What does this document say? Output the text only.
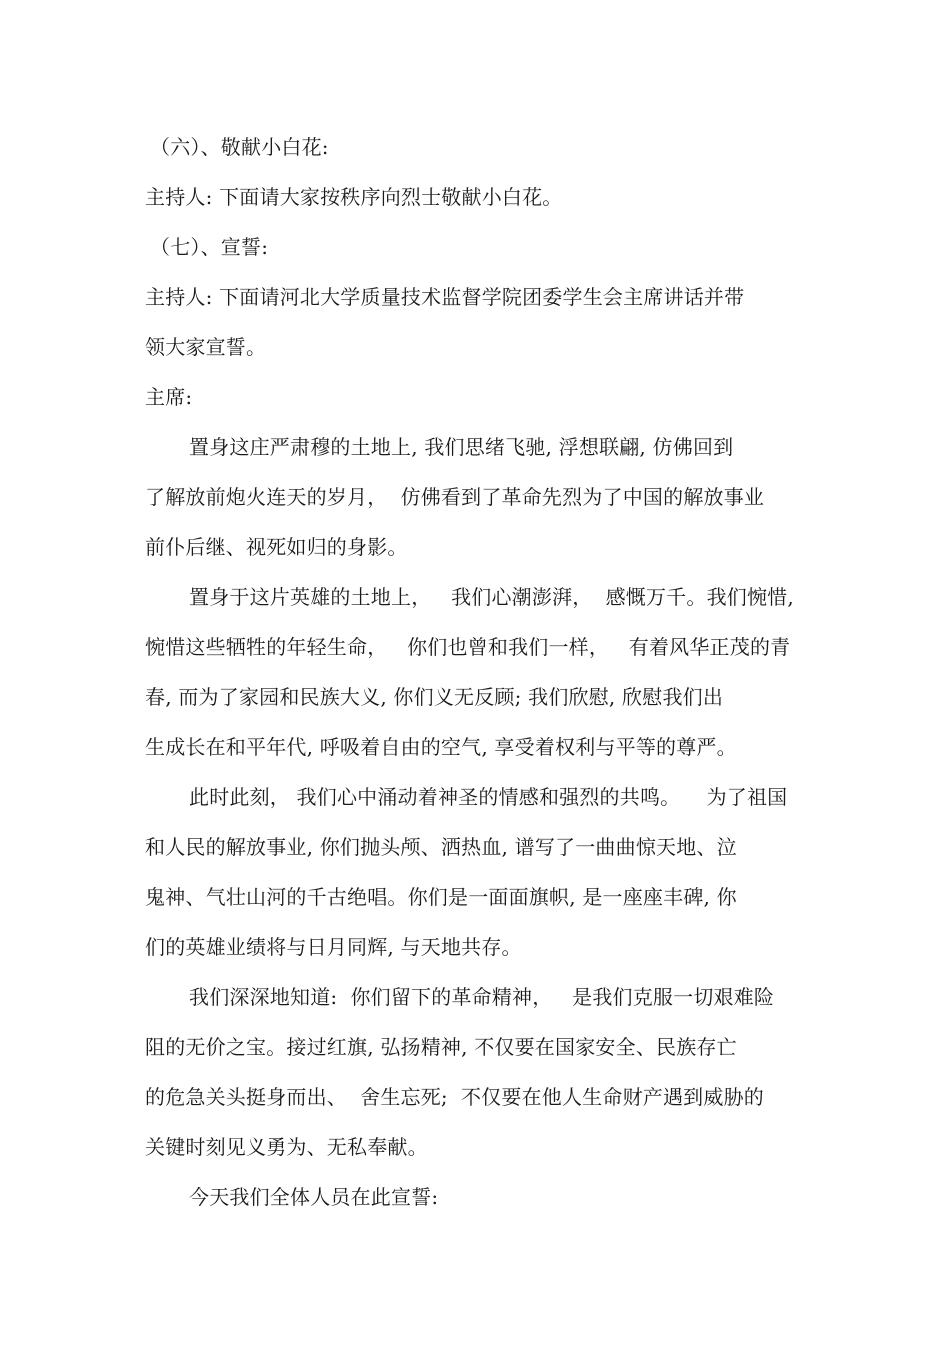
（六）、敬献小白花:
主持人: 下面请大家按秩序向烈士敬献小白花。
（七）、宣誓:
主持人: 下面请河北大学质量技术监督学院团委学生会主席讲话并带
领大家宣誓。
主席:
置身这庄严肃穆的土地上, 我们思绪飞驰, 浮想联翩, 仿佛回到
了解放前炮火连天的岁月，  仿佛看到了革命先烈为了中国的解放事业
前仆后继、视死如归的身影。
置身于这片英雄的土地上，   我们心潮澎湃，  感慨万千。我们惋惜,
惋惜这些牺牲的年轻生命，   你们也曾和我们一样，   有着风华正茂的青
春, 而为了家园和民族大义, 你们义无反顾; 我们欣慰, 欣慰我们出
生成长在和平年代, 呼吸着自由的空气, 享受着权利与平等的尊严。
此时此刻， 我们心中涌动着神圣的情感和强烈的共鸣。    为了祖国
和人民的解放事业, 你们抛头颅、洒热血, 谱写了一曲曲惊天地、泣
鬼神、气壮山河的千古绝唱。你们是一面面旗帜, 是一座座丰碑, 你
们的英雄业绩将与日月同辉, 与天地共存。
我们深深地知道:  你们留下的革命精神，   是我们克服一切艰难险
阻的无价之宝。接过红旗, 弘扬精神, 不仅要在国家安全、民族存亡
的危急关头挺身而出、  舍生忘死;  不仅要在他人生命财产遇到威胁的
关键时刻见义勇为、无私奉献。
今天我们全体人员在此宣誓:
